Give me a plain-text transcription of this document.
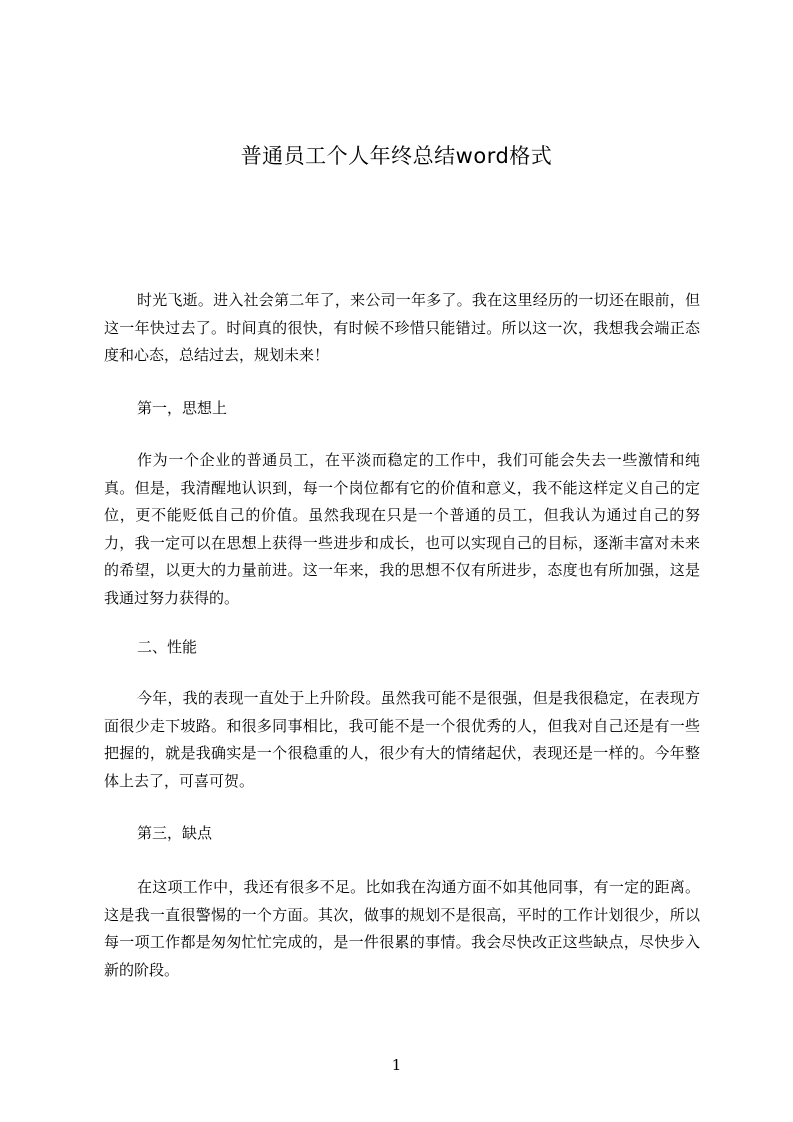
普通员工个人年终总结word格式

时光飞逝。进入社会第二年了，来公司一年多了。我在这里经历的一切还在眼前，但这一年快过去了。时间真的很快，有时候不珍惜只能错过。所以这一次，我想我会端正态度和心态，总结过去，规划未来！

第一，思想上

作为一个企业的普通员工，在平淡而稳定的工作中，我们可能会失去一些激情和纯真。但是，我清醒地认识到，每一个岗位都有它的价值和意义，我不能这样定义自己的定位，更不能贬低自己的价值。虽然我现在只是一个普通的员工，但我认为通过自己的努力，我一定可以在思想上获得一些进步和成长，也可以实现自己的目标，逐渐丰富对未来的希望，以更大的力量前进。这一年来，我的思想不仅有所进步，态度也有所加强，这是我通过努力获得的。

二、性能

今年，我的表现一直处于上升阶段。虽然我可能不是很强，但是我很稳定，在表现方面很少走下坡路。和很多同事相比，我可能不是一个很优秀的人，但我对自己还是有一些把握的，就是我确实是一个很稳重的人，很少有大的情绪起伏，表现还是一样的。今年整体上去了，可喜可贺。

第三，缺点

在这项工作中，我还有很多不足。比如我在沟通方面不如其他同事，有一定的距离。这是我一直很警惕的一个方面。其次，做事的规划不是很高，平时的工作计划很少，所以每一项工作都是匆匆忙忙完成的，是一件很累的事情。我会尽快改正这些缺点，尽快步入新的阶段。

1
